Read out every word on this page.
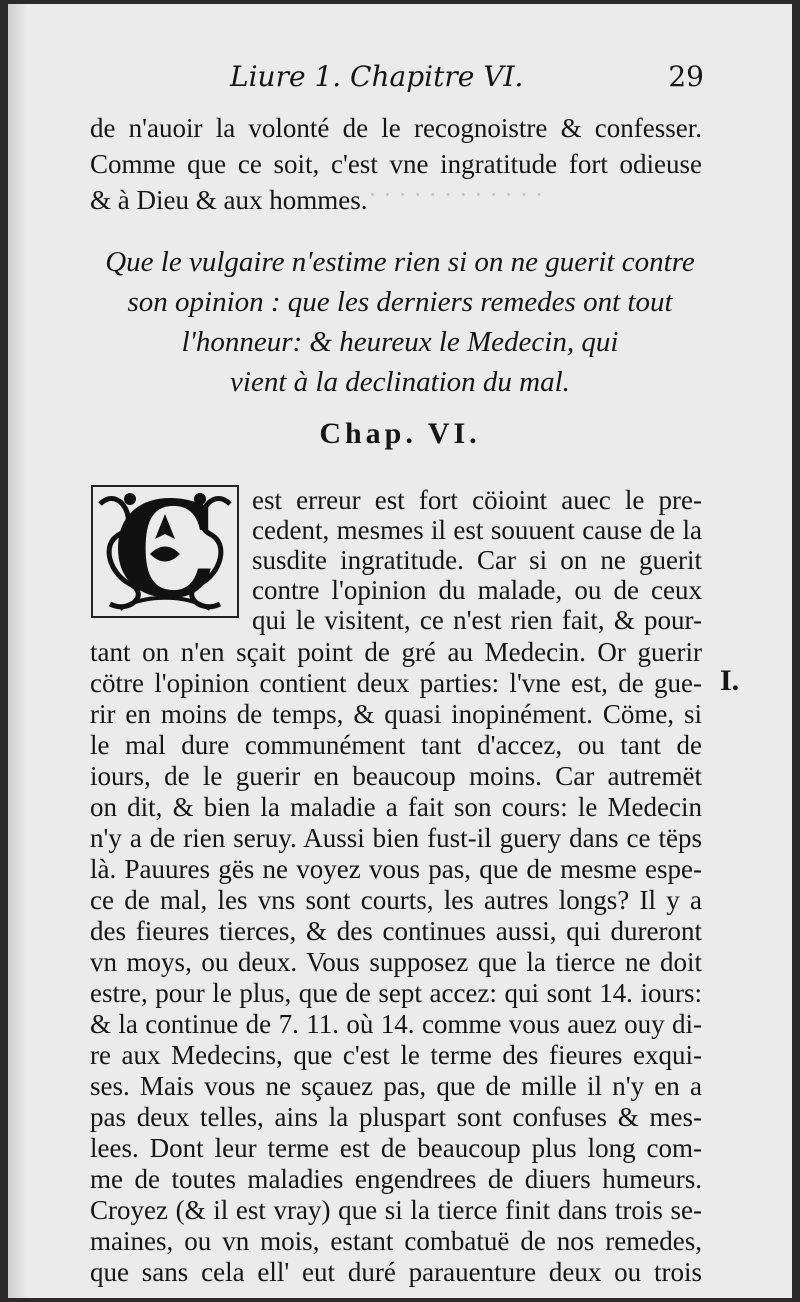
· · · · · · · · · · · ·
Liure 1. Chapitre VI.	29
de n'auoir la volonté de le recognoistre & confesser.
Comme que ce soit, c'est vne ingratitude fort odieuse
& à Dieu & aux hommes.
Que le vulgaire n'estime rien si on ne guerit contre
son opinion : que les derniers remedes ont tout
l'honneur: & heureux le Medecin, qui
vient à la declination du mal.
Chap. VI.
C	est erreur est fort cöioint auec le pre-
cedent, mesmes il est souuent cause de la
susdite ingratitude. Car si on ne guerit
contre l'opinion du malade, ou de ceux
qui le visitent, ce n'est rien fait, & pour-
tant on n'en sçait point de gré au Medecin. Or guerir
cötre l'opinion contient deux parties: l'vne est, de gue-
rir en moins de temps, & quasi inopinément. Cöme, si
le mal dure communément tant d'accez, ou tant de
iours, de le guerir en beaucoup moins. Car autremët
on dit, & bien la maladie a fait son cours: le Medecin
n'y a de rien seruy. Aussi bien fust-il guery dans ce tëps
là. Pauures gës ne voyez vous pas, que de mesme espe-
ce de mal, les vns sont courts, les autres longs? Il y a
des fieures tierces, & des continues aussi, qui dureront
vn moys, ou deux. Vous supposez que la tierce ne doit
estre, pour le plus, que de sept accez: qui sont 14. iours:
& la continue de 7. 11. où 14. comme vous auez ouy di-
re aux Medecins, que c'est le terme des fieures exqui-
ses. Mais vous ne sçauez pas, que de mille il n'y en a
pas deux telles, ains la pluspart sont confuses & mes-
lees. Dont leur terme est de beaucoup plus long com-
me de toutes maladies engendrees de diuers humeurs.
Croyez (& il est vray) que si la tierce finit dans trois se-
maines, ou vn mois, estant combatuë de nos remedes,
que sans cela ell' eut duré parauenture deux ou trois
I.
